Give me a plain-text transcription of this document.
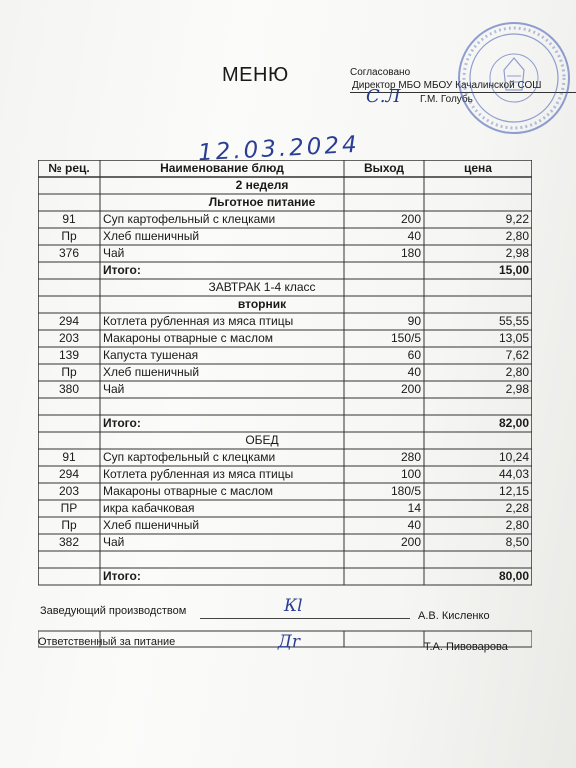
МЕНЮ	Согласовано
Директор МБО МБОУ Качалинской СОШ
Г.М. Голубь
С.Л
12.03.2024
№ рец.	Наименование блюд	Выход	цена
2 неделя
Льготное питание
91	Суп картофельный с клецками	200	9,22
Пр	Хлеб пшеничный	40	2,80
376	Чай	180	2,98
Итого:	15,00
ЗАВТРАК 1-4 класс
вторник
294	Котлета рубленная из мяса птицы	90	55,55
203	Макароны отварные с маслом	150/5	13,05
139	Капуста тушеная	60	7,62
Пр	Хлеб пшеничный	40	2,80
380	Чай	200	2,98
Итого:	82,00
ОБЕД
91	Суп картофельный с клецками	280	10,24
294	Котлета рубленная из мяса птицы	100	44,03
203	Макароны отварные с маслом	180/5	12,15
ПР	икра кабачковая	14	2,28
Пр	Хлеб пшеничный	40	2,80
382	Чай	200	8,50
Итого:	80,00
Заведующий производством	Кl	А.В. Кисленко
Ответственный за питание	Дr	Т.А. Пивоварова
